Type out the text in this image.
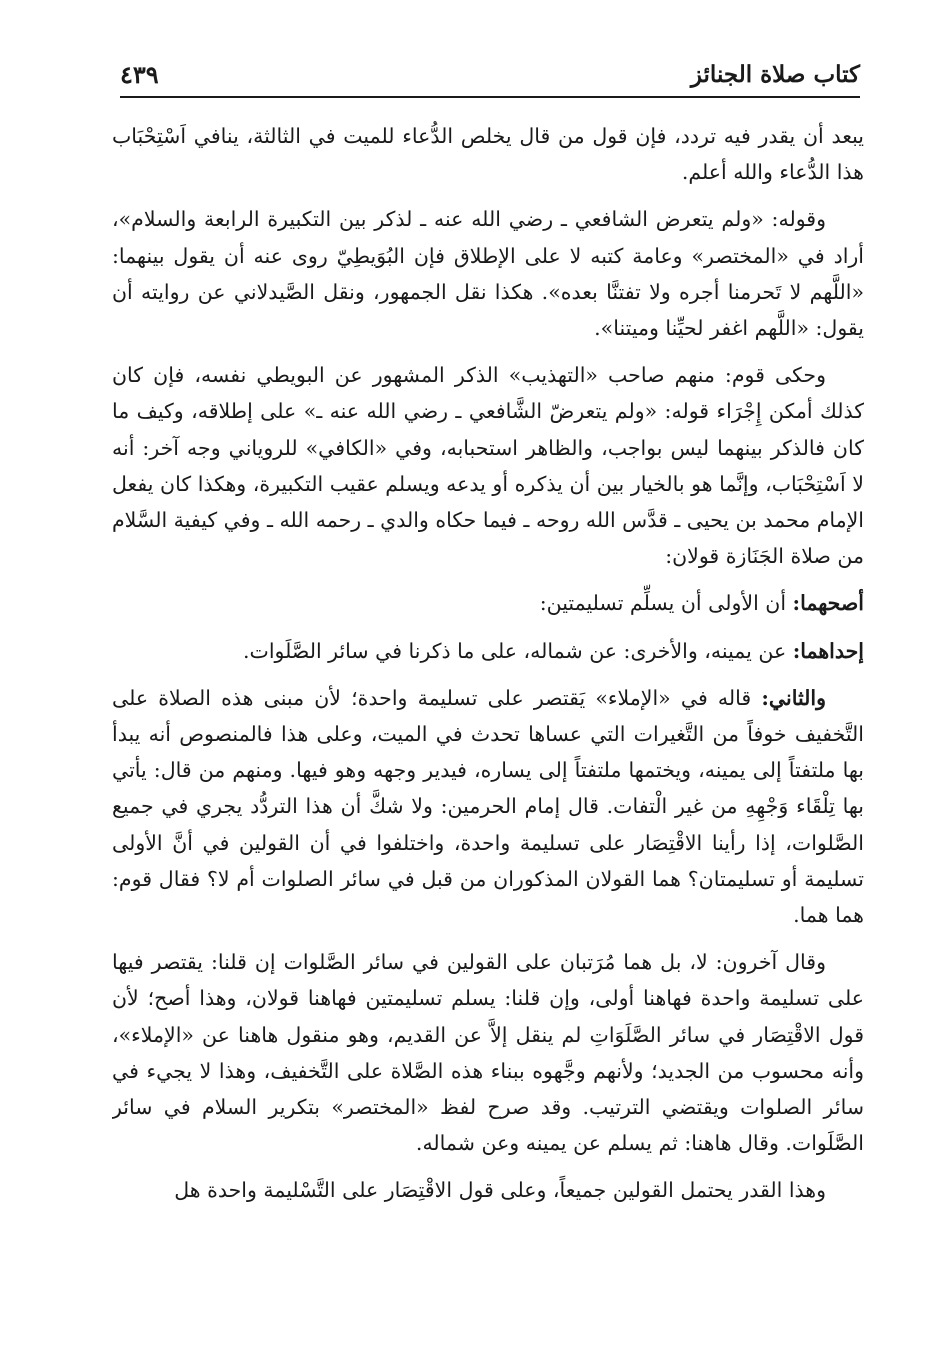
كتاب صلاة الجنائز
٤٣٩

يبعد أن يقدر فيه تردد، فإن قول من قال يخلص الدُّعاء للميت في الثالثة، ينافي اَسْتِحْبَاب هذا الدُّعاء والله أعلم.

وقوله: «ولم يتعرض الشافعي ـ رضي الله عنه ـ لذكر بين التكبيرة الرابعة والسلام»، أراد في «المختصر» وعامة كتبه لا على الإطلاق فإن البُوَيطِيّ روى عنه أن يقول بينهما: «اللَّهم لا تَحرمنا أجره ولا تفتنَّا بعده». هكذا نقل الجمهور، ونقل الصَّيدلاني عن روايته أن يقول: «اللَّهم اغفر لحيِّنا وميتنا».

وحكى قوم: منهم صاحب «التهذيب» الذكر المشهور عن البويطي نفسه، فإن كان كذلك أمكن إِجْرَاء قوله: «ولم يتعرضّ الشَّافعي ـ رضي الله عنه ـ» على إطلاقه، وكيف ما كان فالذكر بينهما ليس بواجب، والظاهر استحبابه، وفي «الكافي» للروياني وجه آخر: أنه لا اَسْتِحْبَاب، وإنَّما هو بالخيار بين أن يذكره أو يدعه ويسلم عقيب التكبيرة، وهكذا كان يفعل الإمام محمد بن يحيى ـ قدَّس الله روحه ـ فيما حكاه والدي ـ رحمه الله ـ وفي كيفية السَّلام من صلاة الجَنَازة قولان:

أصحهما: أن الأولى أن يسلِّم تسليمتين:

إحداهما: عن يمينه، والأخرى: عن شماله، على ما ذكرنا في سائر الصَّلَوات.

والثاني: قاله في «الإملاء» يَقتصر على تسليمة واحدة؛ لأن مبنى هذه الصلاة على التَّخفيف خوفاً من التَّغيرات التي عساها تحدث في الميت، وعلى هذا فالمنصوص أنه يبدأ بها ملتفتاً إلى يمينه، ويختمها ملتفتاً إلى يساره، فيدير وجهه وهو فيها. ومنهم من قال: يأتي بها تِلْقَاء وَجْهِهِ من غير الْتفات. قال إمام الحرمين: ولا شكَّ أن هذا التردُّد يجري في جميع الصَّلوات، إذا رأينا الاقْتِصَار على تسليمة واحدة، واختلفوا في أن القولين في أنَّ الأولى تسليمة أو تسليمتان؟ هما القولان المذكوران من قبل في سائر الصلوات أم لا؟ فقال قوم: هما هما.

وقال آخرون: لا، بل هما مُرَتبان على القولين في سائر الصَّلوات إن قلنا: يقتصر فيها على تسليمة واحدة فهاهنا أولى، وإن قلنا: يسلم تسليمتين فهاهنا قولان، وهذا أصح؛ لأن قول الاقْتِصَار في سائر الصَّلَوَاتِ لم ينقل إلاَّ عن القديم، وهو منقول هاهنا عن «الإملاء»، وأنه محسوب من الجديد؛ ولأنهم وجَّهوه ببناء هذه الصَّلاة على التَّخفيف، وهذا لا يجيء في سائر الصلوات ويقتضي الترتيب. وقد صرح لفظ «المختصر» بتكرير السلام في سائر الصَّلَوات. وقال هاهنا: ثم يسلم عن يمينه وعن شماله.

وهذا القدر يحتمل القولين جميعاً، وعلى قول الاقْتِصَار على التَّسْليمة واحدة هل
